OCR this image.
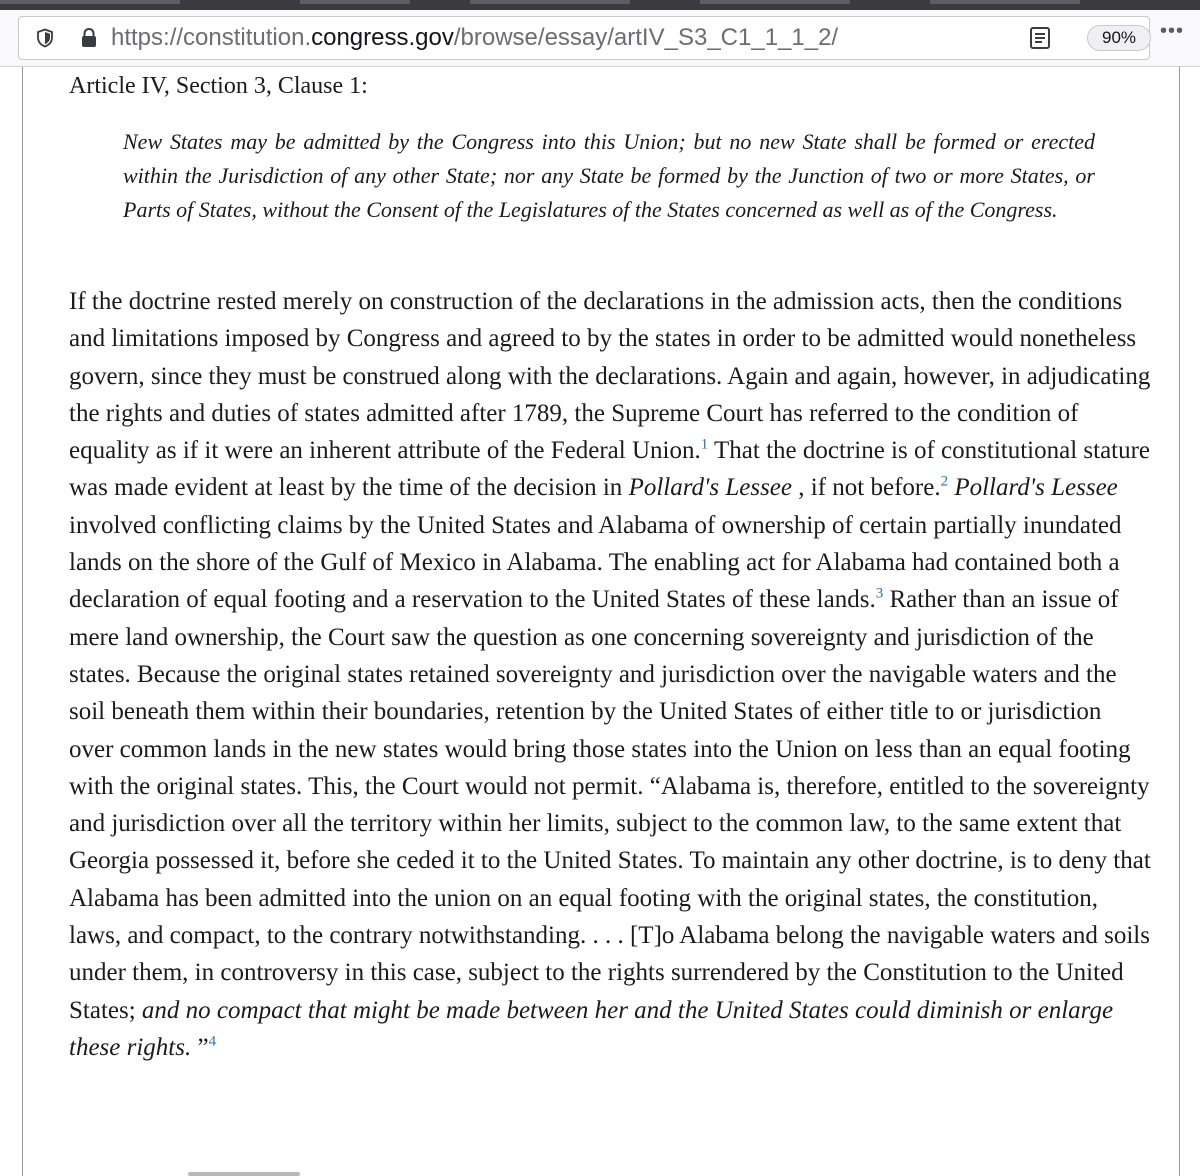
https://constitution.congress.gov/browse/essay/artIV_S3_C1_1_1_2/	90%	•••
Article IV, Section 3, Clause 1:
New States may be admitted by the Congress into this Union; but no new State shall be formed or erected within the Jurisdiction of any other State; nor any State be formed by the Junction of two or more States, or Parts of States, without the Consent of the Legislatures of the States concerned as well as of the Congress.

If the doctrine rested merely on construction of the declarations in the admission acts, then the conditions and limitations imposed by Congress and agreed to by the states in order to be admitted would nonetheless govern, since they must be construed along with the declarations. Again and again, however, in adjudicating the rights and duties of states admitted after 1789, the Supreme Court has referred to the condition of equality as if it were an inherent attribute of the Federal Union.$^1$ That the doctrine is of constitutional stature was made evident at least by the time of the decision in Pollard's Lessee , if not before.$^2$ Pollard's Lessee involved conflicting claims by the United States and Alabama of ownership of certain partially inundated lands on the shore of the Gulf of Mexico in Alabama. The enabling act for Alabama had contained both a declaration of equal footing and a reservation to the United States of these lands.$^3$ Rather than an issue of mere land ownership, the Court saw the question as one concerning sovereignty and jurisdiction of the states. Because the original states retained sovereignty and jurisdiction over the navigable waters and the soil beneath them within their boundaries, retention by the United States of either title to or jurisdiction over common lands in the new states would bring those states into the Union on less than an equal footing with the original states. This, the Court would not permit. “Alabama is, therefore, entitled to the sovereignty and jurisdiction over all the territory within her limits, subject to the common law, to the same extent that Georgia possessed it, before she ceded it to the United States. To maintain any other doctrine, is to deny that Alabama has been admitted into the union on an equal footing with the original states, the constitution, laws, and compact, to the contrary notwithstanding. . . . [T]o Alabama belong the navigable waters and soils under them, in controversy in this case, subject to the rights surrendered by the Constitution to the United States; and no compact that might be made between her and the United States could diminish or enlarge these rights. ”$^4$
